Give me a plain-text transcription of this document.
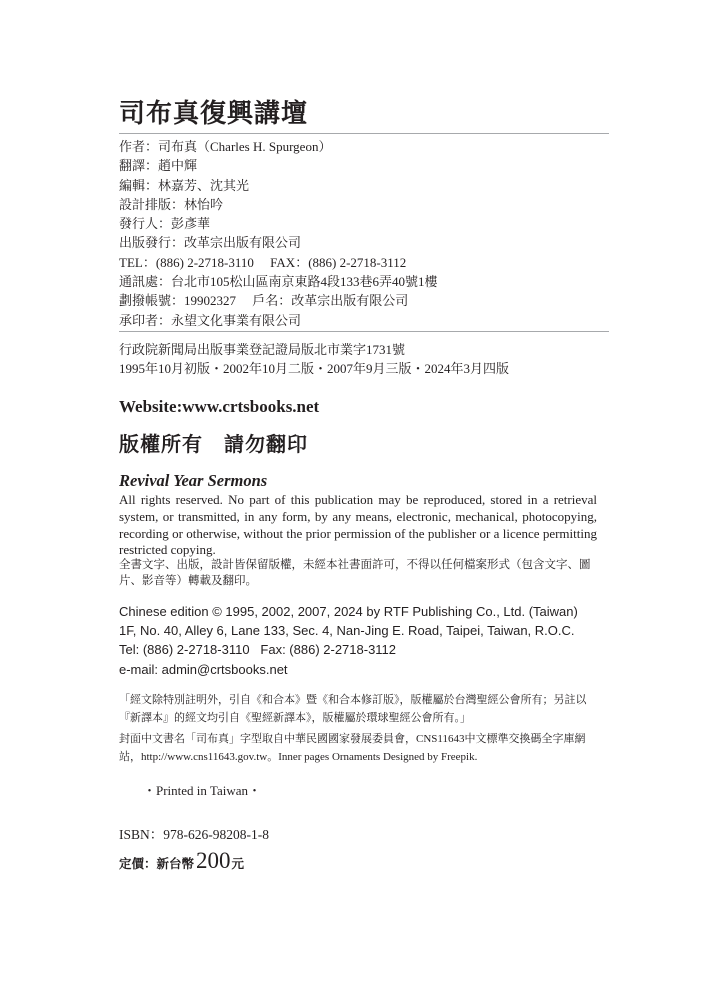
司布真復興講壇
作者：司布真（Charles H. Spurgeon）
翻譯：趙中輝
編輯：林嘉芳、沈其光
設計排版：林怡吟
發行人：彭彥華
出版發行：改革宗出版有限公司
TEL：(886) 2-2718-3110     FAX：(886) 2-2718-3112
通訊處：台北市105松山區南京東路4段133巷6弄40號1樓
劃撥帳號：19902327     戶名：改革宗出版有限公司
承印者：永望文化事業有限公司
行政院新聞局出版事業登記證局版北市業字1731號
1995年10月初版・2002年10月二版・2007年9月三版・2024年3月四版
Website:www.crtsbooks.net
版權所有　請勿翻印
Revival Year Sermons
All rights reserved. No part of this publication may be reproduced, stored in a retrieval system, or transmitted, in any form, by any means, electronic, mechanical, photocopying, recording or otherwise, without the prior permission of the publisher or a licence permitting restricted copying.
全書文字、出版，設計皆保留版權，未經本社書面許可，不得以任何檔案形式（包含文字、圖片、影音等）轉載及翻印。
Chinese edition © 1995, 2002, 2007, 2024 by RTF Publishing Co., Ltd. (Taiwan)
1F, No. 40, Alley 6, Lane 133, Sec. 4, Nan-Jing E. Road, Taipei, Taiwan, R.O.C.
Tel: (886) 2-2718-3110   Fax: (886) 2-2718-3112
e-mail: admin@crtsbooks.net
「經文除特別註明外，引自《和合本》暨《和合本修訂版》，版權屬於台灣聖經公會所有；另註以『新譯本』的經文均引自《聖經新譯本》，版權屬於環球聖經公會所有。」
封面中文書名「司布真」字型取自中華民國國家發展委員會，CNS11643中文標準交換碼全字庫網站，http://www.cns11643.gov.tw。Inner pages Ornaments Designed by Freepik.
・Printed in Taiwan・
ISBN：978-626-98208-1-8
定價：新台幣 200 元
